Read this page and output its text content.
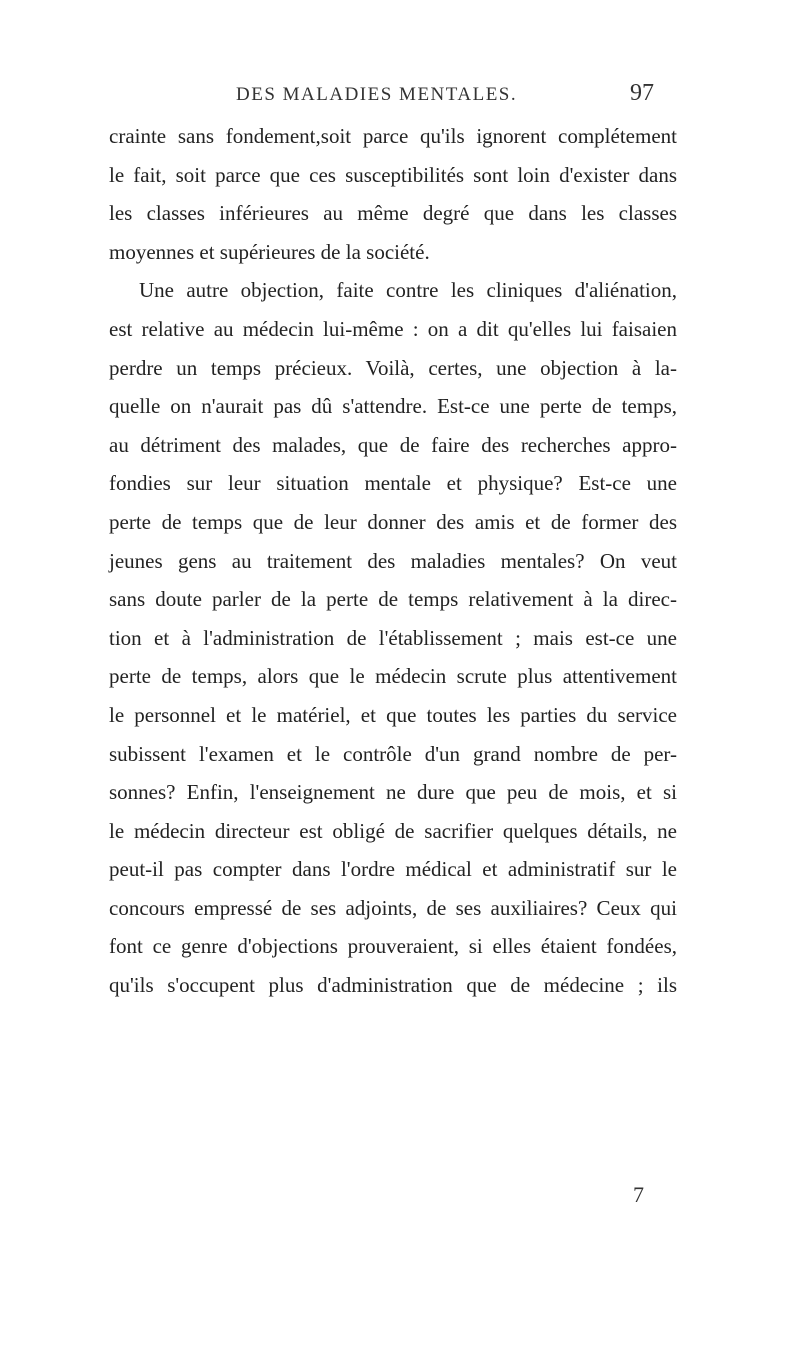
DES MALADIES MENTALES.	97
crainte sans fondement,soit parce qu'ils ignorent complétement
le fait, soit parce que ces susceptibilités sont loin d'exister dans
les classes inférieures au même degré que dans les classes
moyennes et supérieures de la société.
Une autre objection, faite contre les cliniques d'aliénation,
est relative au médecin lui-même : on a dit qu'elles lui faisaien
perdre un temps précieux. Voilà, certes, une objection à la-
quelle on n'aurait pas dû s'attendre. Est-ce une perte de temps,
au détriment des malades, que de faire des recherches appro-
fondies sur leur situation mentale et physique? Est-ce une
perte de temps que de leur donner des amis et de former des
jeunes gens au traitement des maladies mentales? On veut
sans doute parler de la perte de temps relativement à la direc-
tion et à l'administration de l'établissement ; mais est-ce une
perte de temps, alors que le médecin scrute plus attentivement
le personnel et le matériel, et que toutes les parties du service
subissent l'examen et le contrôle d'un grand nombre de per-
sonnes? Enfin, l'enseignement ne dure que peu de mois, et si
le médecin directeur est obligé de sacrifier quelques détails, ne
peut-il pas compter dans l'ordre médical et administratif sur le
concours empressé de ses adjoints, de ses auxiliaires? Ceux qui
font ce genre d'objections prouveraient, si elles étaient fondées,
qu'ils s'occupent plus d'administration que de médecine ; ils
7
